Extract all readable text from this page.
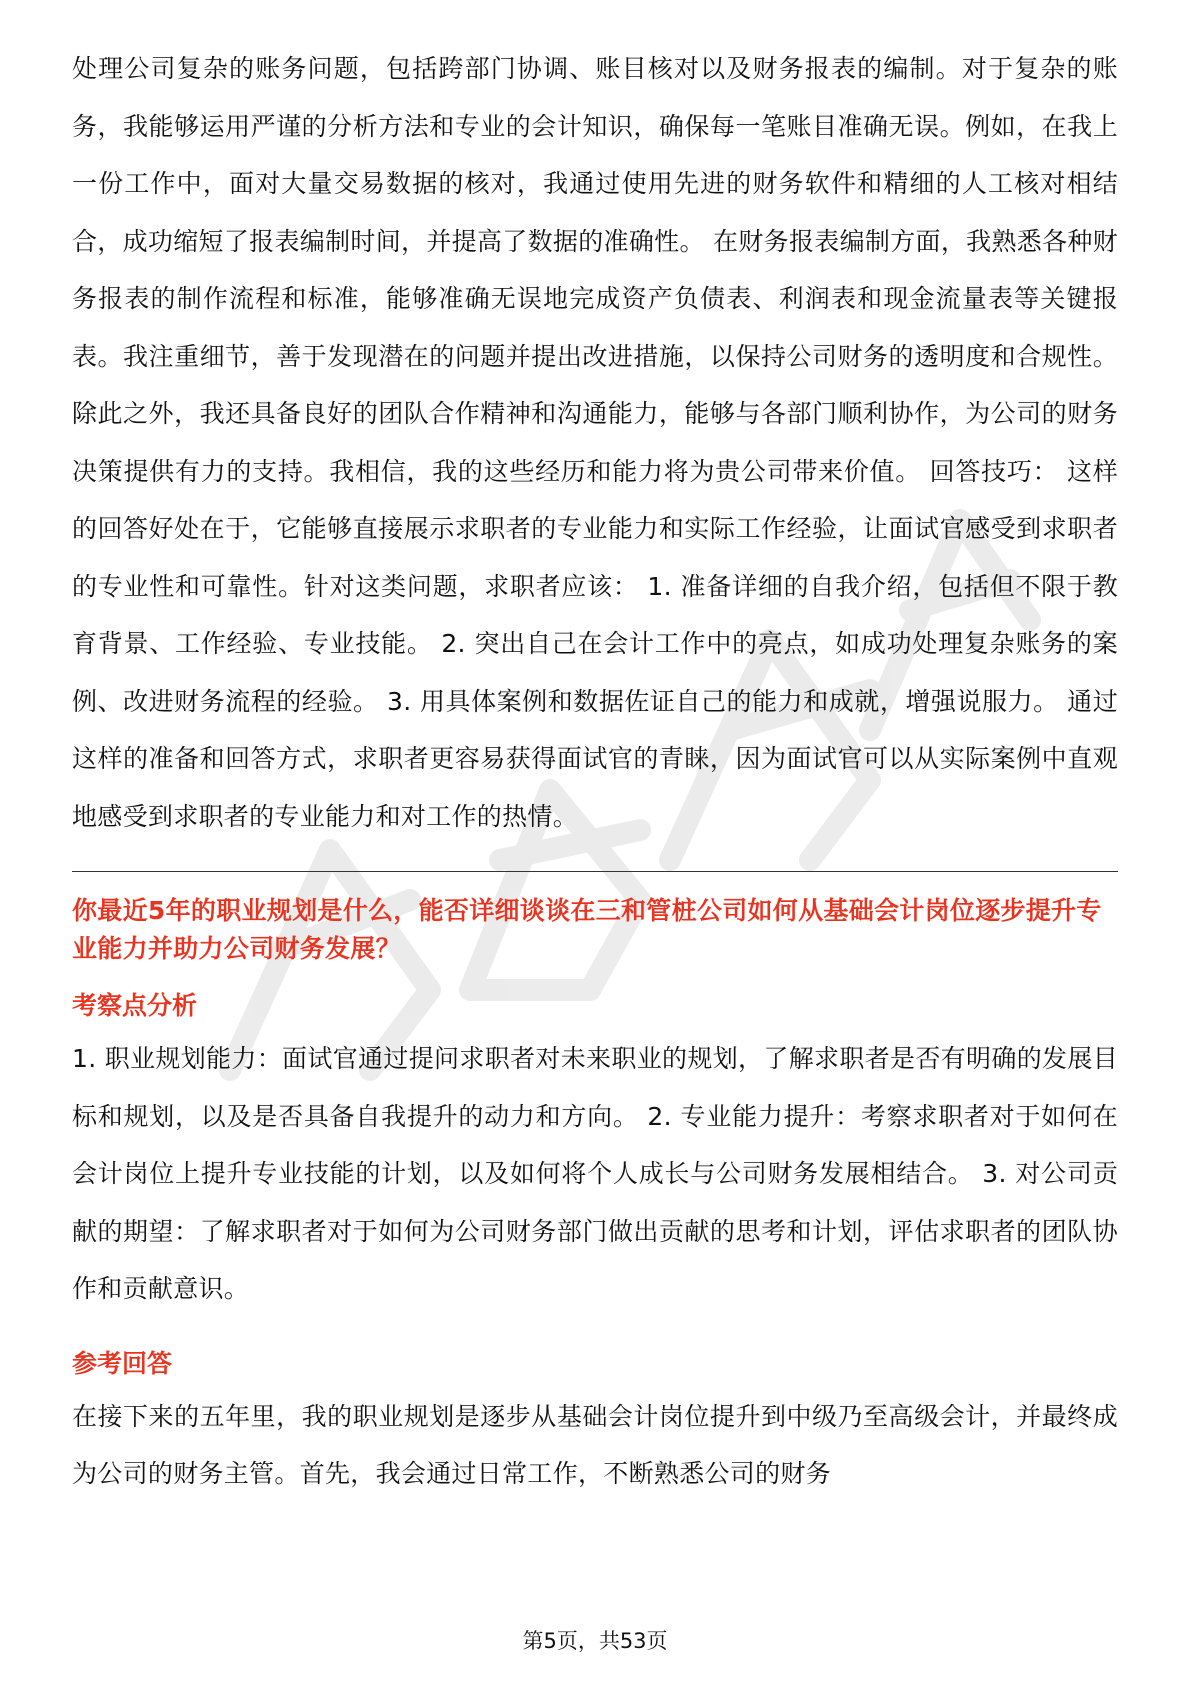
处理公司复杂的账务问题，包括跨部门协调、账目核对以及财务报表的编制。对于复杂的账务，我能够运用严谨的分析方法和专业的会计知识，确保每一笔账目准确无误。例如，在我上一份工作中，面对大量交易数据的核对，我通过使用先进的财务软件和精细的人工核对相结合，成功缩短了报表编制时间，并提高了数据的准确性。 在财务报表编制方面，我熟悉各种财务报表的制作流程和标准，能够准确无误地完成资产负债表、利润表和现金流量表等关键报表。我注重细节，善于发现潜在的问题并提出改进措施，以保持公司财务的透明度和合规性。 除此之外，我还具备良好的团队合作精神和沟通能力，能够与各部门顺利协作，为公司的财务决策提供有力的支持。我相信，我的这些经历和能力将为贵公司带来价值。 回答技巧： 这样的回答好处在于，它能够直接展示求职者的专业能力和实际工作经验，让面试官感受到求职者的专业性和可靠性。针对这类问题，求职者应该： 1. 准备详细的自我介绍，包括但不限于教育背景、工作经验、专业技能。 2. 突出自己在会计工作中的亮点，如成功处理复杂账务的案例、改进财务流程的经验。 3. 用具体案例和数据佐证自己的能力和成就，增强说服力。 通过这样的准备和回答方式，求职者更容易获得面试官的青睐，因为面试官可以从实际案例中直观地感受到求职者的专业能力和对工作的热情。

你最近5年的职业规划是什么，能否详细谈谈在三和管桩公司如何从基础会计岗位逐步提升专业能力并助力公司财务发展？

考察点分析

1. 职业规划能力：面试官通过提问求职者对未来职业的规划，了解求职者是否有明确的发展目标和规划，以及是否具备自我提升的动力和方向。 2. 专业能力提升：考察求职者对于如何在会计岗位上提升专业技能的计划，以及如何将个人成长与公司财务发展相结合。 3. 对公司贡献的期望：了解求职者对于如何为公司财务部门做出贡献的思考和计划，评估求职者的团队协作和贡献意识。

参考回答

在接下来的五年里，我的职业规划是逐步从基础会计岗位提升到中级乃至高级会计，并最终成为公司的财务主管。首先，我会通过日常工作，不断熟悉公司的财务

第5页，共53页
